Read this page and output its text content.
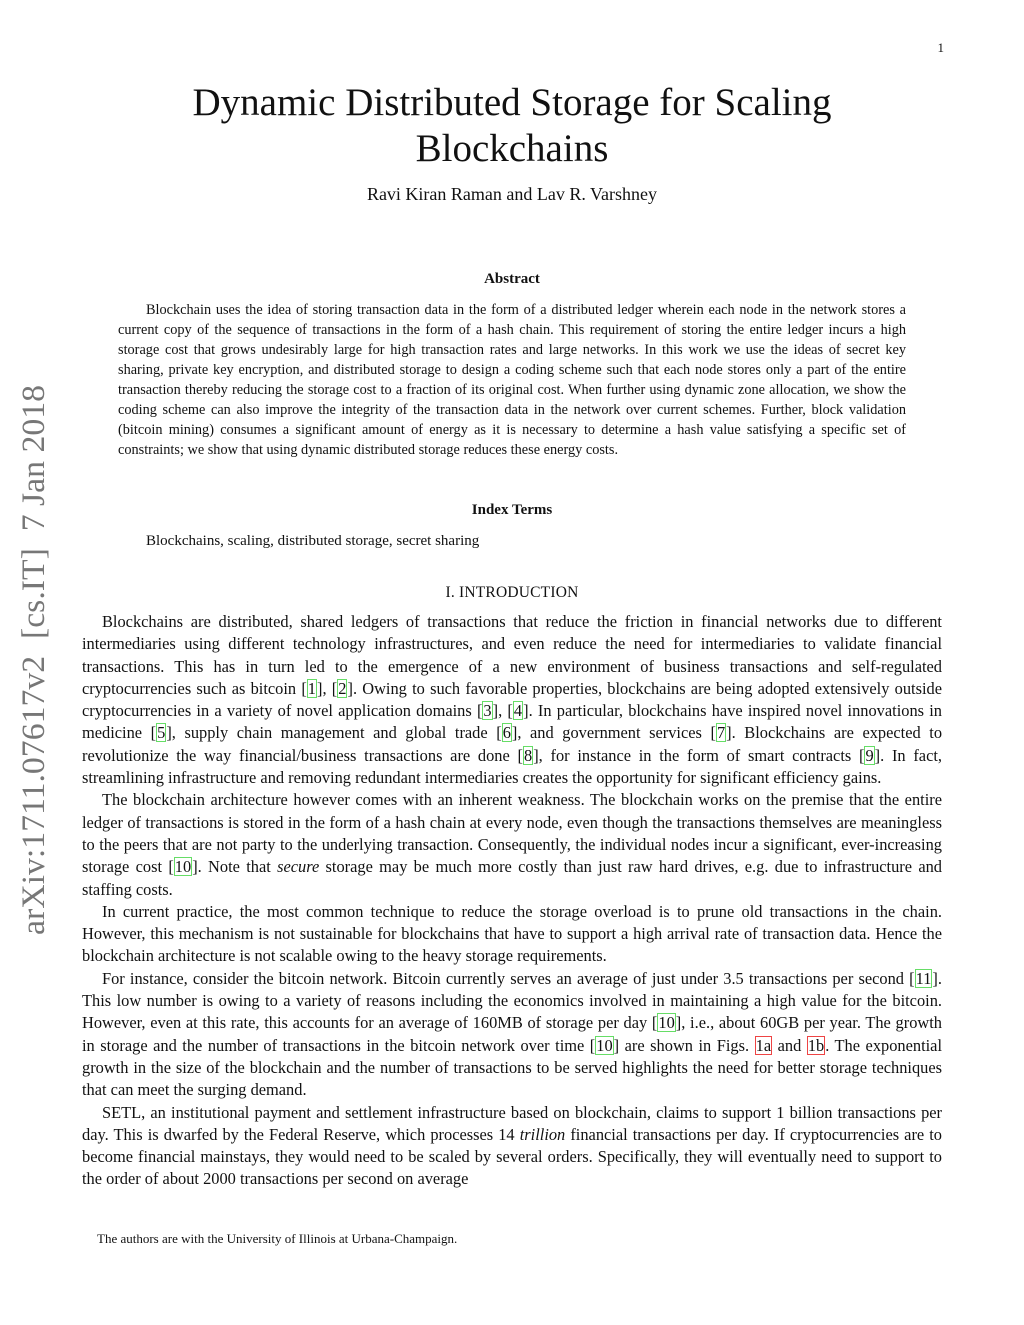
1
arXiv:1711.07617v2  [cs.IT]  7 Jan 2018
Dynamic Distributed Storage for Scaling
Blockchains
Ravi Kiran Raman and Lav R. Varshney
Abstract

Blockchain uses the idea of storing transaction data in the form of a distributed ledger wherein each node in the network stores a current copy of the sequence of transactions in the form of a hash chain. This requirement of storing the entire ledger incurs a high storage cost that grows undesirably large for high transaction rates and large networks. In this work we use the ideas of secret key sharing, private key encryption, and distributed storage to design a coding scheme such that each node stores only a part of the entire transaction thereby reducing the storage cost to a fraction of its original cost. When further using dynamic zone allocation, we show the coding scheme can also improve the integrity of the transaction data in the network over current schemes. Further, block validation (bitcoin mining) consumes a significant amount of energy as it is necessary to determine a hash value satisfying a specific set of constraints; we show that using dynamic distributed storage reduces these energy costs.

Index Terms
Blockchains, scaling, distributed storage, secret sharing
I. INTRODUCTION

Blockchains are distributed, shared ledgers of transactions that reduce the friction in financial networks due to different intermediaries using different technology infrastructures, and even reduce the need for intermediaries to validate financial transactions. This has in turn led to the emergence of a new environment of business transactions and self-regulated cryptocurrencies such as bitcoin [1], [2]. Owing to such favorable properties, blockchains are being adopted extensively outside cryptocurrencies in a variety of novel application domains [3], [4]. In particular, blockchains have inspired novel innovations in medicine [5], supply chain management and global trade [6], and government services [7]. Blockchains are expected to revolutionize the way financial/business transactions are done [8], for instance in the form of smart contracts [9]. In fact, streamlining infrastructure and removing redundant intermediaries creates the opportunity for significant efficiency gains.

The blockchain architecture however comes with an inherent weakness. The blockchain works on the premise that the entire ledger of transactions is stored in the form of a hash chain at every node, even though the transactions themselves are meaningless to the peers that are not party to the underlying transaction. Consequently, the individual nodes incur a significant, ever-increasing storage cost [10]. Note that secure storage may be much more costly than just raw hard drives, e.g. due to infrastructure and staffing costs.

In current practice, the most common technique to reduce the storage overload is to prune old transactions in the chain. However, this mechanism is not sustainable for blockchains that have to support a high arrival rate of transaction data. Hence the blockchain architecture is not scalable owing to the heavy storage requirements.

For instance, consider the bitcoin network. Bitcoin currently serves an average of just under 3.5 transactions per second [11]. This low number is owing to a variety of reasons including the economics involved in maintaining a high value for the bitcoin. However, even at this rate, this accounts for an average of 160MB of storage per day [10], i.e., about 60GB per year. The growth in storage and the number of transactions in the bitcoin network over time [10] are shown in Figs. 1a and 1b. The exponential growth in the size of the blockchain and the number of transactions to be served highlights the need for better storage techniques that can meet the surging demand.

SETL, an institutional payment and settlement infrastructure based on blockchain, claims to support 1 billion transactions per day. This is dwarfed by the Federal Reserve, which processes 14 trillion financial transactions per day. If cryptocurrencies are to become financial mainstays, they would need to be scaled by several orders. Specifically, they will eventually need to support to the order of about 2000 transactions per second on average

The authors are with the University of Illinois at Urbana-Champaign.
